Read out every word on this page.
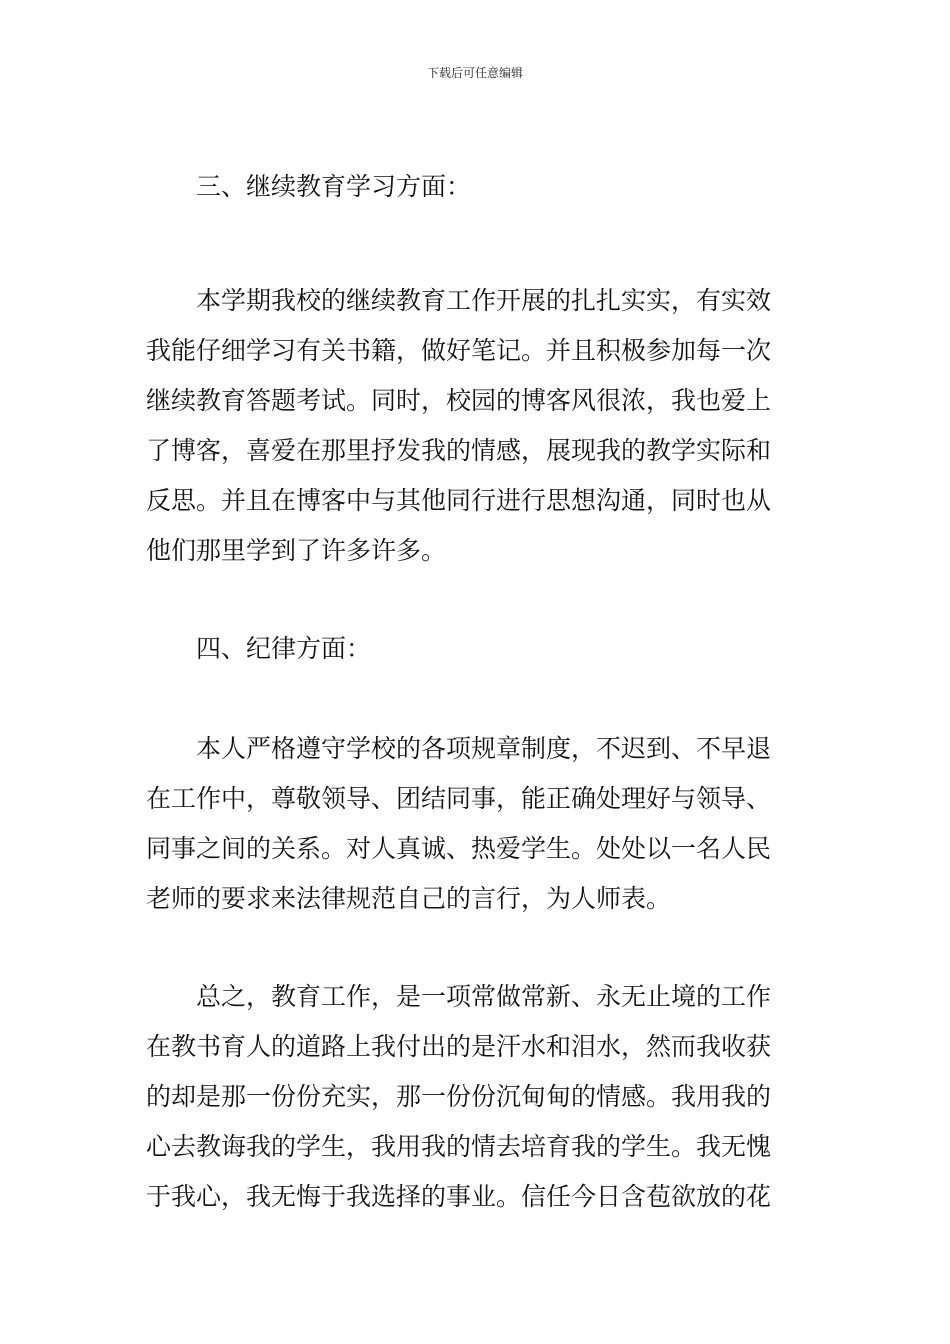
下载后可任意编辑
三、继续教育学习方面：
本学期我校的继续教育工作开展的扎扎实实，有实效
我能仔细学习有关书籍，做好笔记。并且积极参加每一次
继续教育答题考试。同时，校园的博客风很浓，我也爱上
了博客，喜爱在那里抒发我的情感，展现我的教学实际和
反思。并且在博客中与其他同行进行思想沟通，同时也从
他们那里学到了许多许多。
四、纪律方面：
本人严格遵守学校的各项规章制度，不迟到、不早退
在工作中，尊敬领导、团结同事，能正确处理好与领导、
同事之间的关系。对人真诚、热爱学生。处处以一名人民
老师的要求来法律规范自己的言行，为人师表。
总之，教育工作，是一项常做常新、永无止境的工作
在教书育人的道路上我付出的是汗水和泪水，然而我收获
的却是那一份份充实，那一份份沉甸甸的情感。我用我的
心去教诲我的学生，我用我的情去培育我的学生。我无愧
于我心，我无悔于我选择的事业。信任今日含苞欲放的花
